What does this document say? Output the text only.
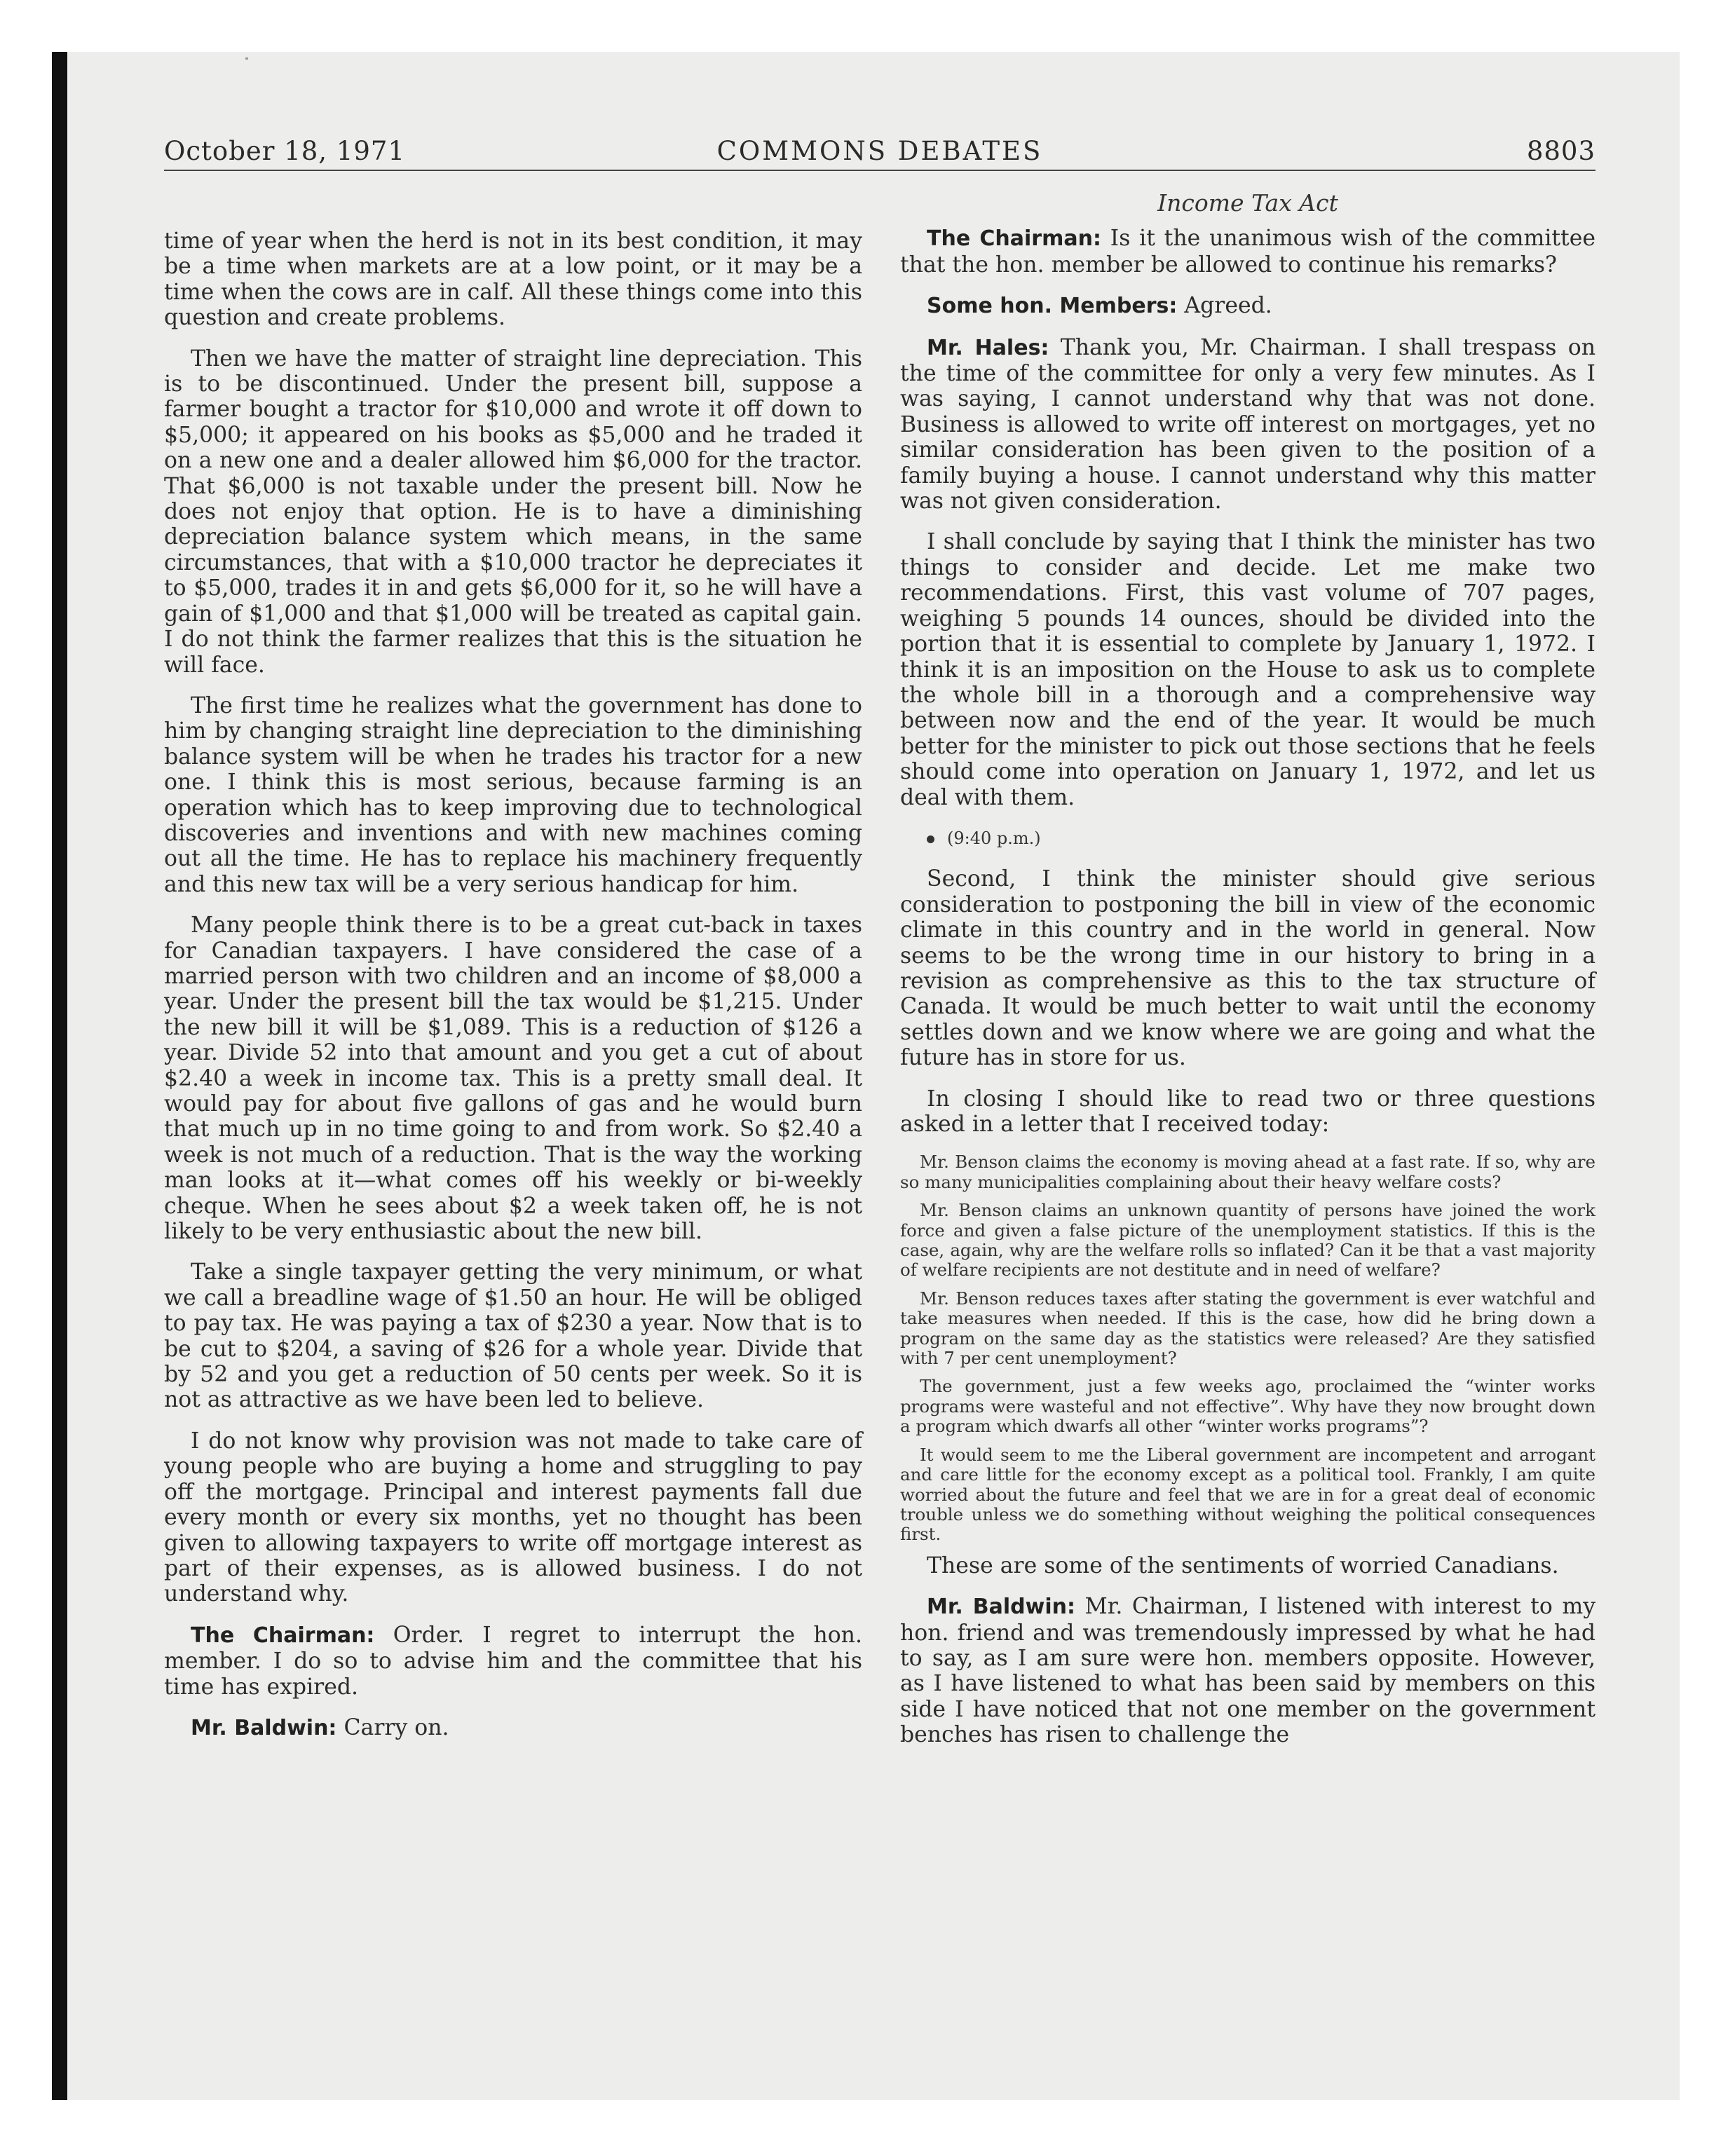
October 18, 1971	COMMONS DEBATES	8803

time of year when the herd is not in its best condition, it may be a time when markets are at a low point, or it may be a time when the cows are in calf. All these things come into this question and create problems.

Then we have the matter of straight line depreciation. This is to be discontinued. Under the present bill, suppose a farmer bought a tractor for $10,000 and wrote it off down to $5,000; it appeared on his books as $5,000 and he traded it on a new one and a dealer allowed him $6,000 for the tractor. That $6,000 is not taxable under the present bill. Now he does not enjoy that option. He is to have a diminishing depreciation balance system which means, in the same circumstances, that with a $10,000 tractor he depreciates it to $5,000, trades it in and gets $6,000 for it, so he will have a gain of $1,000 and that $1,000 will be treated as capital gain. I do not think the farmer realizes that this is the situation he will face.

The first time he realizes what the government has done to him by changing straight line depreciation to the diminishing balance system will be when he trades his tractor for a new one. I think this is most serious, because farming is an operation which has to keep improving due to technological discoveries and inventions and with new machines coming out all the time. He has to replace his machinery frequently and this new tax will be a very serious handicap for him.

Many people think there is to be a great cut-back in taxes for Canadian taxpayers. I have considered the case of a married person with two children and an income of $8,000 a year. Under the present bill the tax would be $1,215. Under the new bill it will be $1,089. This is a reduction of $126 a year. Divide 52 into that amount and you get a cut of about $2.40 a week in income tax. This is a pretty small deal. It would pay for about five gallons of gas and he would burn that much up in no time going to and from work. So $2.40 a week is not much of a reduction. That is the way the working man looks at it—what comes off his weekly or bi-weekly cheque. When he sees about $2 a week taken off, he is not likely to be very enthusiastic about the new bill.

Take a single taxpayer getting the very minimum, or what we call a breadline wage of $1.50 an hour. He will be obliged to pay tax. He was paying a tax of $230 a year. Now that is to be cut to $204, a saving of $26 for a whole year. Divide that by 52 and you get a reduction of 50 cents per week. So it is not as attractive as we have been led to believe.

I do not know why provision was not made to take care of young people who are buying a home and struggling to pay off the mortgage. Principal and interest payments fall due every month or every six months, yet no thought has been given to allowing taxpayers to write off mortgage interest as part of their expenses, as is allowed business. I do not understand why.

The Chairman: Order. I regret to interrupt the hon. member. I do so to advise him and the committee that his time has expired.

Mr. Baldwin: Carry on.

Income Tax Act

The Chairman: Is it the unanimous wish of the committee that the hon. member be allowed to continue his remarks?

Some hon. Members: Agreed.

Mr. Hales: Thank you, Mr. Chairman. I shall trespass on the time of the committee for only a very few minutes. As I was saying, I cannot understand why that was not done. Business is allowed to write off interest on mortgages, yet no similar consideration has been given to the position of a family buying a house. I cannot understand why this matter was not given consideration.

I shall conclude by saying that I think the minister has two things to consider and decide. Let me make two recommendations. First, this vast volume of 707 pages, weighing 5 pounds 14 ounces, should be divided into the portion that it is essential to complete by January 1, 1972. I think it is an imposition on the House to ask us to complete the whole bill in a thorough and a comprehensive way between now and the end of the year. It would be much better for the minister to pick out those sections that he feels should come into operation on January 1, 1972, and let us deal with them.

(9:40 p.m.)

Second, I think the minister should give serious consideration to postponing the bill in view of the economic climate in this country and in the world in general. Now seems to be the wrong time in our history to bring in a revision as comprehensive as this to the tax structure of Canada. It would be much better to wait until the economy settles down and we know where we are going and what the future has in store for us.

In closing I should like to read two or three questions asked in a letter that I received today:

Mr. Benson claims the economy is moving ahead at a fast rate. If so, why are so many municipalities complaining about their heavy welfare costs?

Mr. Benson claims an unknown quantity of persons have joined the work force and given a false picture of the unemployment statistics. If this is the case, again, why are the welfare rolls so inflated? Can it be that a vast majority of welfare recipients are not destitute and in need of welfare?

Mr. Benson reduces taxes after stating the government is ever watchful and take measures when needed. If this is the case, how did he bring down a program on the same day as the statistics were released? Are they satisfied with 7 per cent unemployment?

The government, just a few weeks ago, proclaimed the “winter works programs were wasteful and not effective”. Why have they now brought down a program which dwarfs all other “winter works programs”?

It would seem to me the Liberal government are incompetent and arrogant and care little for the economy except as a political tool. Frankly, I am quite worried about the future and feel that we are in for a great deal of economic trouble unless we do something without weighing the political consequences first.

These are some of the sentiments of worried Canadians.

Mr. Baldwin: Mr. Chairman, I listened with interest to my hon. friend and was tremendously impressed by what he had to say, as I am sure were hon. members opposite. However, as I have listened to what has been said by members on this side I have noticed that not one member on the government benches has risen to challenge the
